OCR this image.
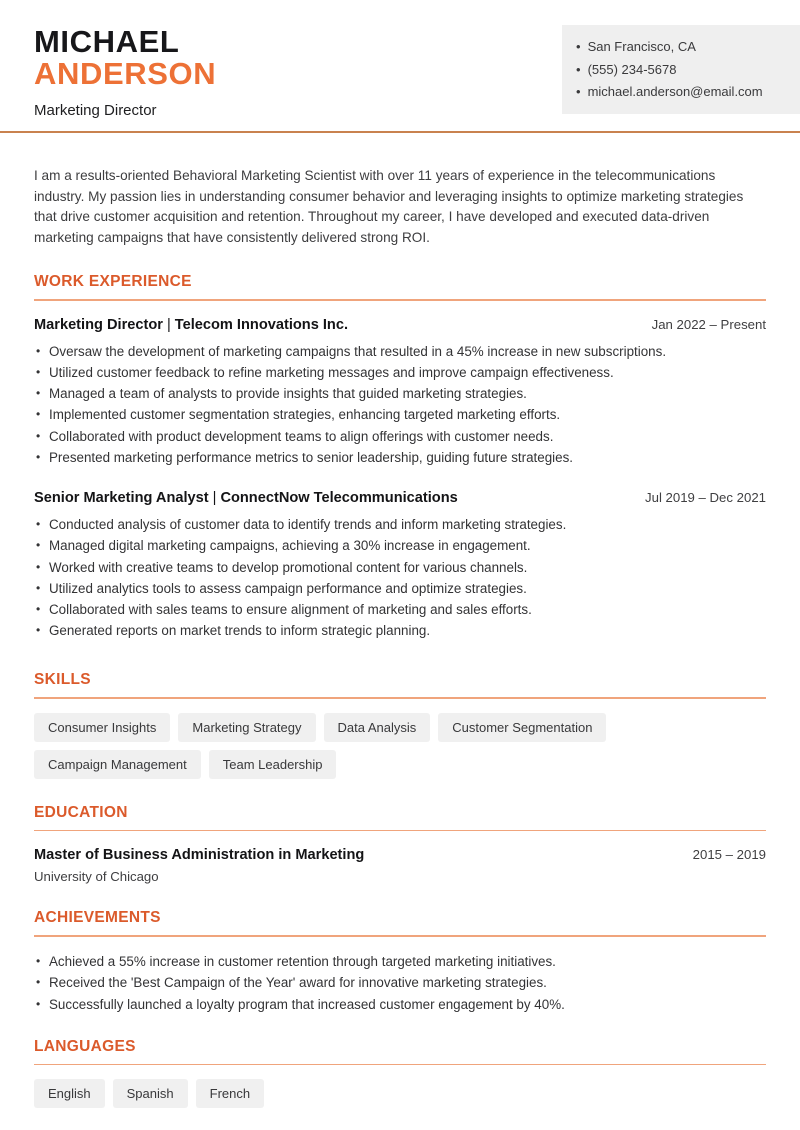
MICHAEL
ANDERSON
Marketing Director
• San Francisco, CA
• (555) 234-5678
• michael.anderson@email.com

I am a results-oriented Behavioral Marketing Scientist with over 11 years of experience in the telecommunications industry. My passion lies in understanding consumer behavior and leveraging insights to optimize marketing strategies that drive customer acquisition and retention. Throughout my career, I have developed and executed data-driven marketing campaigns that have consistently delivered strong ROI.

WORK EXPERIENCE
Marketing Director | Telecom Innovations Inc.	Jan 2022 – Present
• Oversaw the development of marketing campaigns that resulted in a 45% increase in new subscriptions.
• Utilized customer feedback to refine marketing messages and improve campaign effectiveness.
• Managed a team of analysts to provide insights that guided marketing strategies.
• Implemented customer segmentation strategies, enhancing targeted marketing efforts.
• Collaborated with product development teams to align offerings with customer needs.
• Presented marketing performance metrics to senior leadership, guiding future strategies.
Senior Marketing Analyst | ConnectNow Telecommunications	Jul 2019 – Dec 2021
• Conducted analysis of customer data to identify trends and inform marketing strategies.
• Managed digital marketing campaigns, achieving a 30% increase in engagement.
• Worked with creative teams to develop promotional content for various channels.
• Utilized analytics tools to assess campaign performance and optimize strategies.
• Collaborated with sales teams to ensure alignment of marketing and sales efforts.
• Generated reports on market trends to inform strategic planning.
SKILLS
Consumer Insights	Marketing Strategy	Data Analysis	Customer Segmentation
Campaign Management	Team Leadership
EDUCATION
Master of Business Administration in Marketing	2015 – 2019
University of Chicago
ACHIEVEMENTS
• Achieved a 55% increase in customer retention through targeted marketing initiatives.
• Received the 'Best Campaign of the Year' award for innovative marketing strategies.
• Successfully launched a loyalty program that increased customer engagement by 40%.
LANGUAGES
English	Spanish	French
